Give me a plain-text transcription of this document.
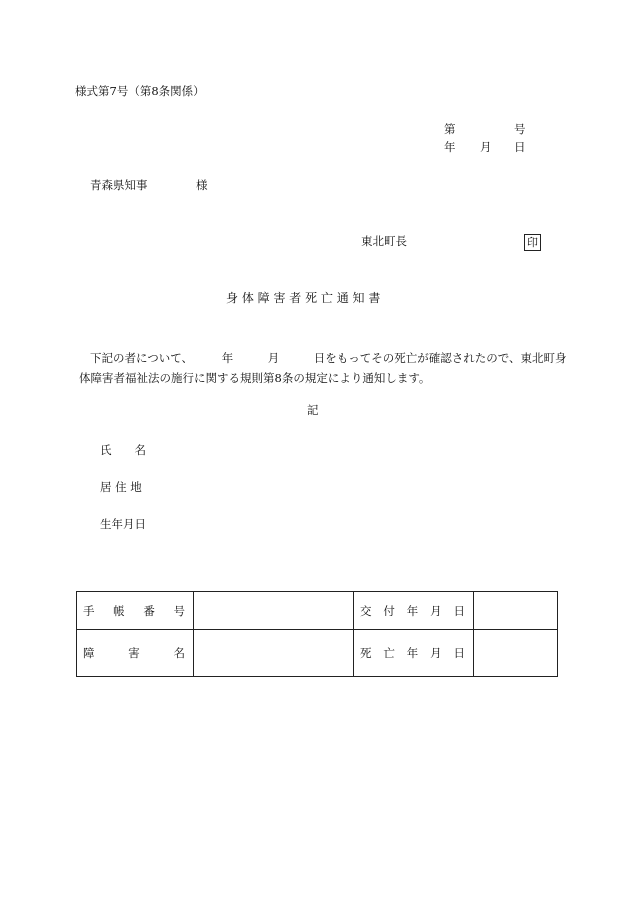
様式第7号（第8条関係）
第	号
年 月 日
青森県知事	様
東北町長	印
身 体 障 害 者 死 亡 通 知 書
下記の者について、　　　年　　　月　　　日をもってその死亡が確認されたので、東北町身
体障害者福祉法の施行に関する規則第8条の規定により通知します。
記
氏　　名
居 住 地
生年月日
手 帳 番 号		交 付 年 月 日	

障 害 名		死 亡 年 月 日	
